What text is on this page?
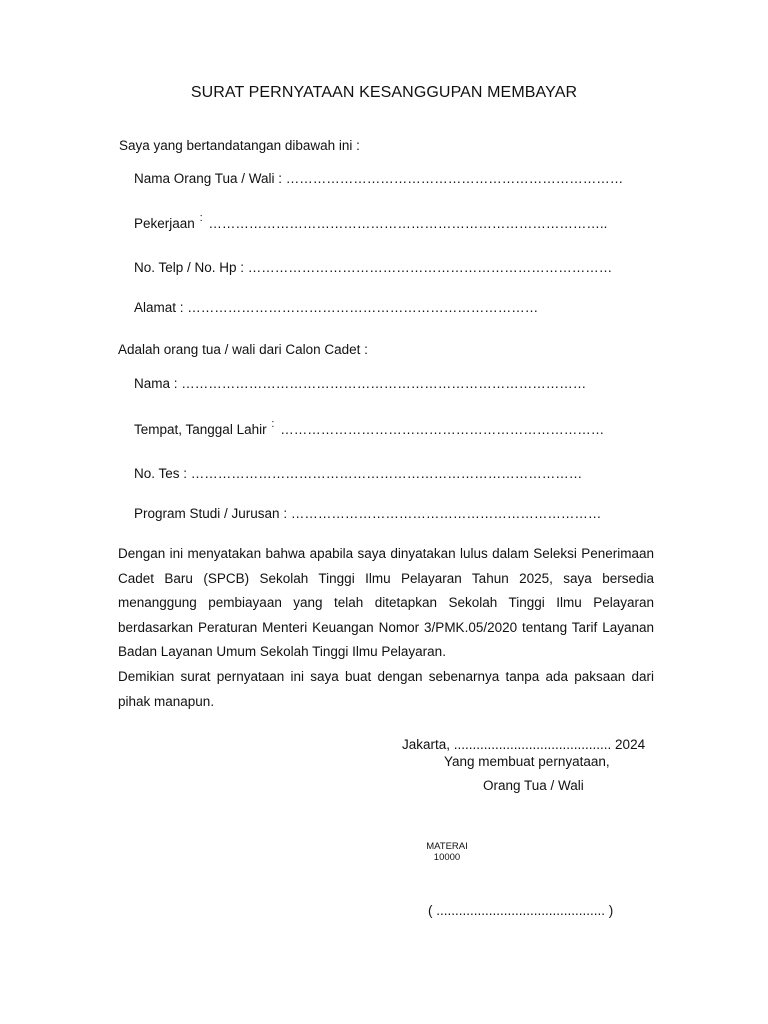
SURAT PERNYATAAN KESANGGUPAN MEMBAYAR
Saya yang bertandatangan dibawah ini :
Nama Orang Tua / Wali : …………………………………………………………………
Pekerjaan : ……………………………………………………………………………..
No. Telp / No. Hp : ………………………………………………………………………
Alamat : ……………………………………………………………………
Adalah orang tua / wali dari Calon Cadet :
Nama : ………………………………………………………………………………
Tempat, Tanggal Lahir : ………………………………………………………………
No. Tes : ……………………………………………………………………………
Program Studi / Jurusan : ……………………………………………………………
Dengan ini menyatakan bahwa apabila saya dinyatakan lulus dalam Seleksi Penerimaan Cadet Baru (SPCB) Sekolah Tinggi Ilmu Pelayaran Tahun 2025, saya bersedia menanggung pembiayaan yang telah ditetapkan Sekolah Tinggi Ilmu Pelayaran berdasarkan Peraturan Menteri Keuangan Nomor 3/PMK.05/2020 tentang Tarif Layanan Badan Layanan Umum Sekolah Tinggi Ilmu Pelayaran.
Demikian surat pernyataan ini saya buat dengan sebenarnya tanpa ada paksaan dari pihak manapun.
Jakarta, .......................................... 2024
Yang membuat pernyataan,
Orang Tua / Wali
MATERAI
10000
( ............................................. )
